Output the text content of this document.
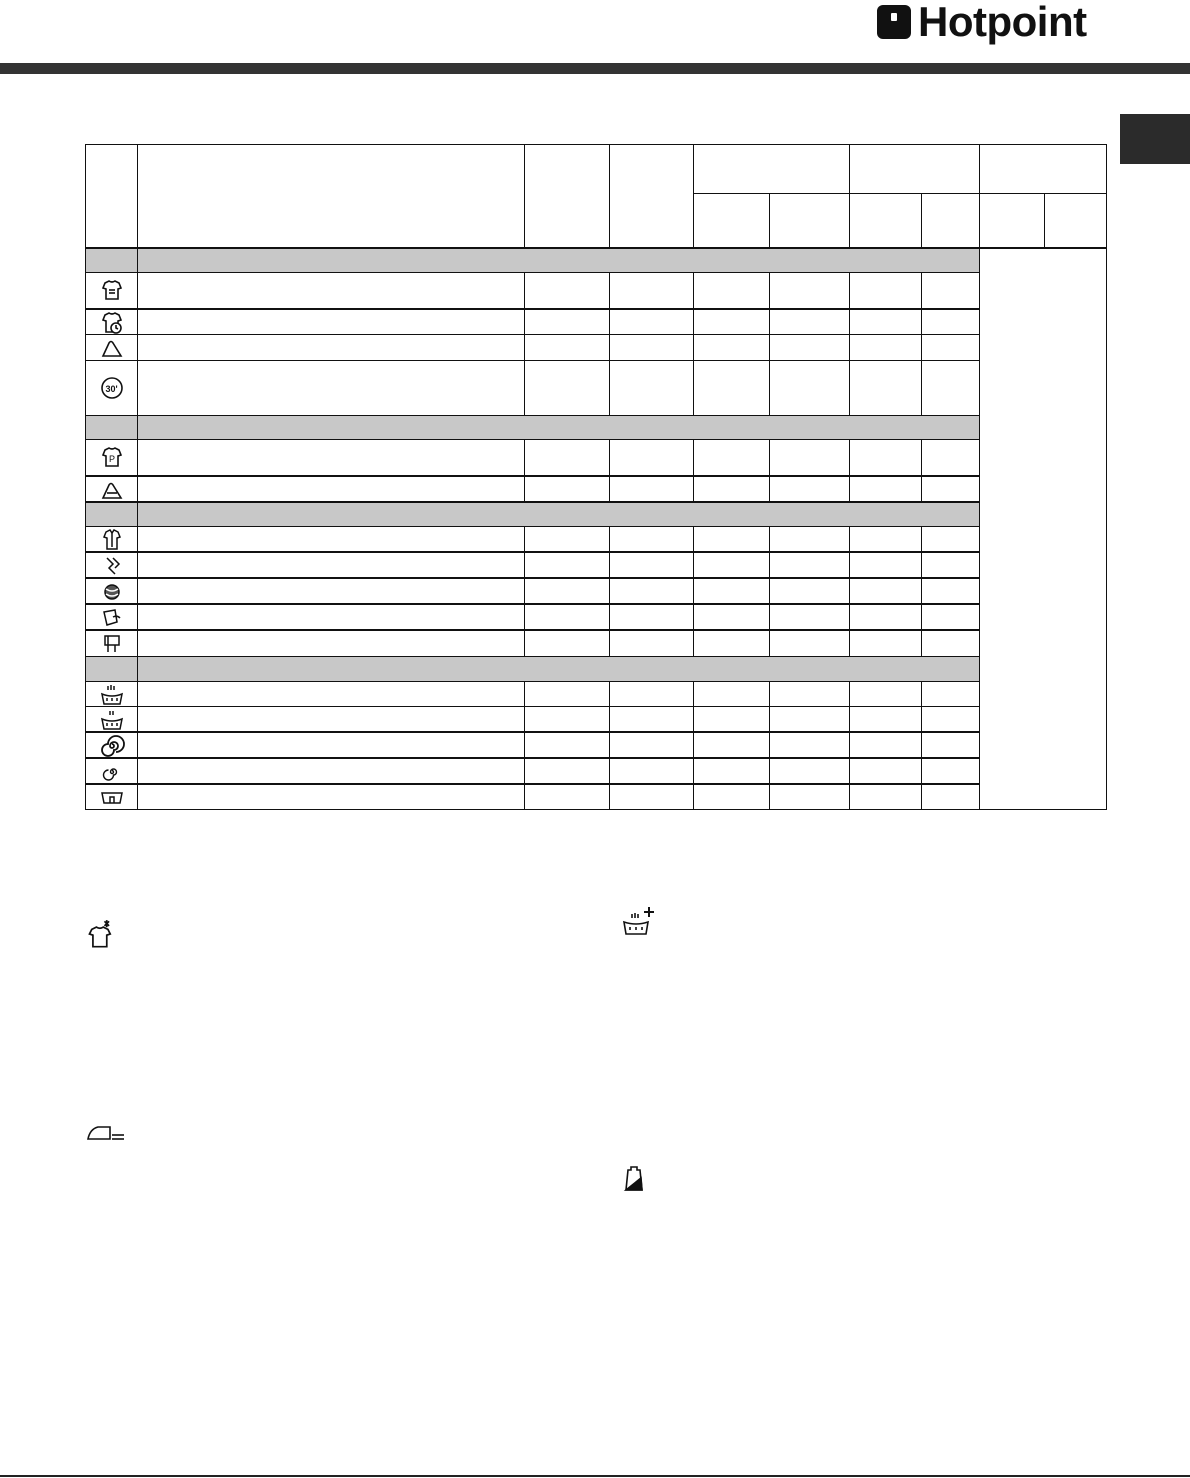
Hotpoint
30'
P
